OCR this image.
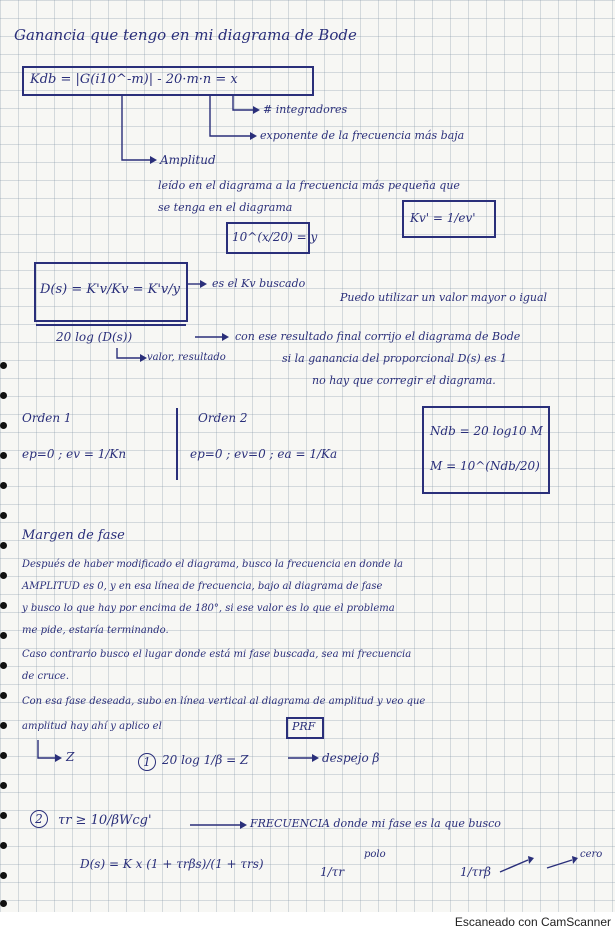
Ganancia que tengo en mi diagrama de Bode
Kdb = |G(i10^-m)| - 20·m·n = x
# integradores
exponente de la frecuencia más baja
Amplitud
leído en el diagrama a la frecuencia más pequeña que
se tenga en el diagrama
10^(x/20) = y
Kv' = 1/ev'
D(s) = K'v/Kv = K'v/y	es el Kv buscado
Puedo utilizar un valor mayor o igual
20 log (D(s))
valor, resultado
con ese resultado final corrijo el diagrama de Bode
si la ganancia del proporcional D(s) es 1
no hay que corregir el diagrama.
Orden 1
ep=0 ; ev = 1/Kn
Orden 2
ep=0 ; ev=0 ; ea = 1/Ka
Ndb = 20 log10 M
M = 10^(Ndb/20)
Margen de fase
Después de haber modificado el diagrama, busco la frecuencia en donde la
AMPLITUD es 0, y en esa línea de frecuencia, bajo al diagrama de fase
y busco lo que hay por encima de 180°, si ese valor es lo que el problema
me pide, estaría terminando.
Caso contrario busco el lugar donde está mi fase buscada, sea mi frecuencia
de cruce.
Con esa fase deseada, subo en línea vertical al diagrama de amplitud y veo que
amplitud hay ahí y aplico el	PRF
Z	1 20 log 1/β = Z	despejo β
2	τr ≥ 10/βWcg'	FRECUENCIA donde mi fase es la que busco
D(s) = K x (1 + τrβs)/(1 + τrs)
1/τr
polo
1/τrβ
cero
Escaneado con CamScanner
